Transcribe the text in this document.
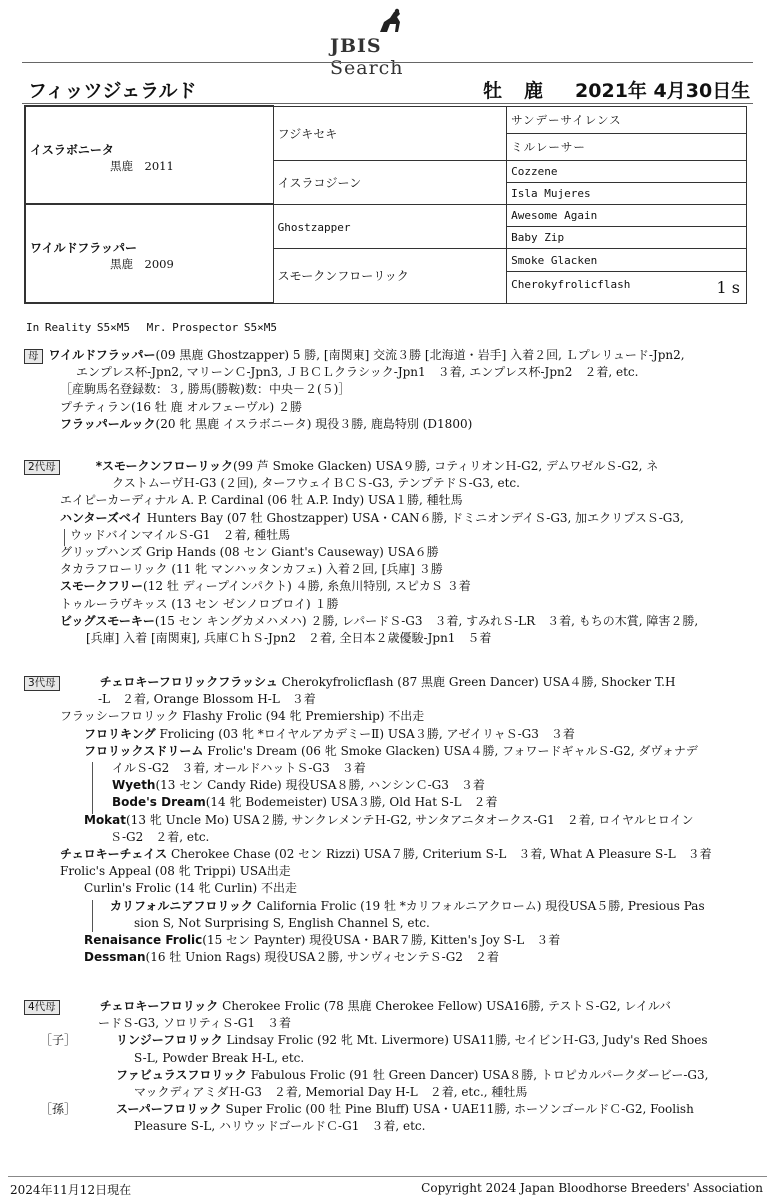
JBIS Search
フィッツジェラルド	牡 鹿 2021年 4月30日生
イスラボニータ
黒鹿　2011	フジキセキ	サンデーサイレンス
		ミルレーサー
	イスラコジーン	Cozzene
		Isla Mujeres

ワイルドフラッパー
黒鹿　2009	Ghostzapper	Awesome Again
		Baby Zip
	スモークンフローリック	Smoke Glacken
		Cherokyfrolicflash 1 s
In Reality S5×M5　 Mr. Prospector S5×M5
母 ワイルドフラッパー(09 黒鹿 Ghostzapper) 5 勝, [南関東] 交流３勝 [北海道・岩手] 入着２回, Ｌプレリュード-Jpn2,
エンプレス杯-Jpn2, マリーンＣ-Jpn3, ＪＢＣＬクラシック-Jpn1　３着, エンプレス杯-Jpn2　２着, etc.
［産駒馬名登録数：３, 勝馬(勝鞍)数：中央－２(５)］
プチティラン(16 牡 鹿 オルフェーヴル) ２勝
フラッパールック(20 牝 黒鹿 イスラボニータ) 現役３勝, 鹿島特別 (D1800)
2代母	*スモークンフローリック(99 芦 Smoke Glacken) USA９勝, コティリオンＨ-G2, デムワゼルＳ-G2, ネ
クストムーヴＨ-G3 (２回), ターフウェイＢＣＳ-G3, テンプテドＳ-G3, etc.
エイピーカーディナル A. P. Cardinal (06 牡 A.P. Indy) USA１勝, 種牡馬
ハンターズベイ Hunters Bay (07 牡 Ghostzapper) USA・CAN６勝, ドミニオンデイＳ-G3, 加エクリプスＳ-G3,
ウッドバインマイルＳ-G1　２着, 種牡馬
グリップハンズ Grip Hands (08 セン Giant's Causeway) USA６勝
タカラフローリック (11 牝 マンハッタンカフェ) 入着２回, [兵庫] ３勝
スモークフリー(12 牡 ディープインパクト) ４勝, 糸魚川特別, スピカＳ ３着
トゥルーラヴキッス (13 セン ゼンノロブロイ) １勝
ビッグスモーキー(15 セン キングカメハメハ) ２勝, レパードＳ-G3　３着, すみれＳ-LR　３着, もちの木賞, 障害２勝,
[兵庫] 入着 [南関東], 兵庫ＣｈＳ-Jpn2　２着, 全日本２歳優駿-Jpn1　５着
3代母	チェロキーフロリックフラッシュ Cherokyfrolicflash (87 黒鹿 Green Dancer) USA４勝, Shocker T.H
-L　２着, Orange Blossom H-L　３着
フラッシーフロリック Flashy Frolic (94 牝 Premiership) 不出走
フロリキング Frolicing (03 牝 *ロイヤルアカデミーⅡ) USA３勝, アゼイリャＳ-G3　３着
フロリックスドリーム Frolic's Dream (06 牝 Smoke Glacken) USA４勝, フォワードギャルＳ-G2, ダヴォナデ
イルＳ-G2　３着, オールドハットＳ-G3　３着
Wyeth(13 セン Candy Ride) 現役USA８勝, ハンシンＣ-G3　３着
Bode's Dream(14 牝 Bodemeister) USA３勝, Old Hat S-L　２着
Mokat(13 牝 Uncle Mo) USA２勝, サンクレメンテＨ-G2, サンタアニタオークス-G1　２着, ロイヤルヒロイン
Ｓ-G2　２着, etc.
チェロキーチェイス Cherokee Chase (02 セン Rizzi) USA７勝, Criterium S-L　３着, What A Pleasure S-L　３着
Frolic's Appeal (08 牝 Trippi) USA出走
Curlin's Frolic (14 牝 Curlin) 不出走
カリフォルニアフロリック California Frolic (19 牡 *カリフォルニアクローム) 現役USA５勝, Presious Pas
sion S, Not Surprising S, English Channel S, etc.
Renaisance Frolic(15 セン Paynter) 現役USA・BAR７勝, Kitten's Joy S-L　３着
Dessman(16 牡 Union Rags) 現役USA２勝, サンヴィセンテＳ-G2　２着
4代母	チェロキーフロリック Cherokee Frolic (78 黒鹿 Cherokee Fellow) USA16勝, テストＳ-G2, レイルバ
ードＳ-G3, ソロリティＳ-G1　３着
［子］	リンジーフロリック Lindsay Frolic (92 牝 Mt. Livermore) USA11勝, セイビンＨ-G3, Judy's Red Shoes
S-L, Powder Break H-L, etc.
ファビュラスフロリック Fabulous Frolic (91 牡 Green Dancer) USA８勝, トロピカルパークダービー-G3,
マックディアミダＨ-G3　２着, Memorial Day H-L　２着, etc., 種牡馬
［孫］	スーパーフロリック Super Frolic (00 牡 Pine Bluff) USA・UAE11勝, ホーソンゴールドＣ-G2, Foolish
Pleasure S-L, ハリウッドゴールドＣ-G1　３着, etc.
2024年11月12日現在	Copyright 2024 Japan Bloodhorse Breeders' Association
